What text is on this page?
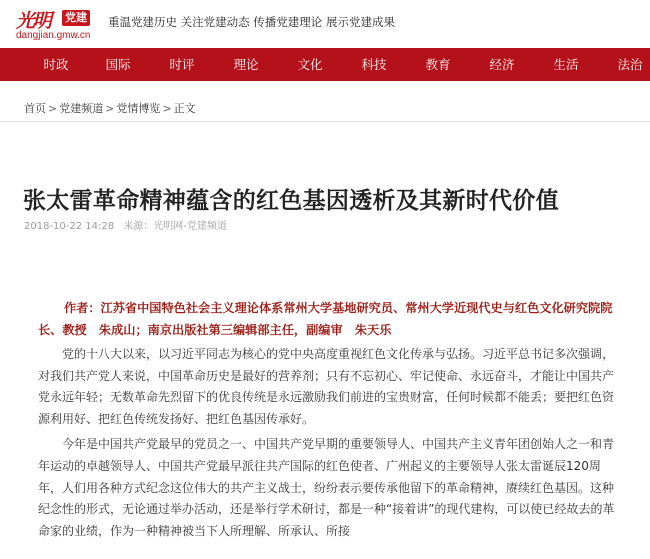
光明 党建
dangjian.gmw.cn
重温党建历史 关注党建动态 传播党建理论 展示党建成果
时政	国际	时评	理论	文化	科技	教育	经济	生活	法治
首页 > 党建频道 > 党情博览 > 正文
张太雷革命精神蕴含的红色基因透析及其新时代价值
2018-10-22 14:28 来源：光明网-党建频道

作者：江苏省中国特色社会主义理论体系常州大学基地研究员、常州大学近现代史与红色文化研究院院长、教授　朱成山；南京出版社第三编辑部主任，副编审　朱天乐

党的十八大以来，以习近平同志为核心的党中央高度重视红色文化传承与弘扬。习近平总书记多次强调，对我们共产党人来说，中国革命历史是最好的营养剂；只有不忘初心、牢记使命、永远奋斗，才能让中国共产党永远年轻；无数革命先烈留下的优良传统是永远激励我们前进的宝贵财富，任何时候都不能丢；要把红色资源利用好、把红色传统发扬好、把红色基因传承好。

今年是中国共产党最早的党员之一、中国共产党早期的重要领导人、中国共产主义青年团创始人之一和青年运动的卓越领导人、中国共产党最早派往共产国际的红色使者、广州起义的主要领导人张太雷诞辰120周年，人们用各种方式纪念这位伟大的共产主义战士，纷纷表示要传承他留下的革命精神，赓续红色基因。这种纪念性的形式，无论通过举办活动，还是举行学术研讨，都是一种“接着讲”的现代建构，可以使已经故去的革命家的业绩，作为一种精神被当下人所理解、所承认、所接
